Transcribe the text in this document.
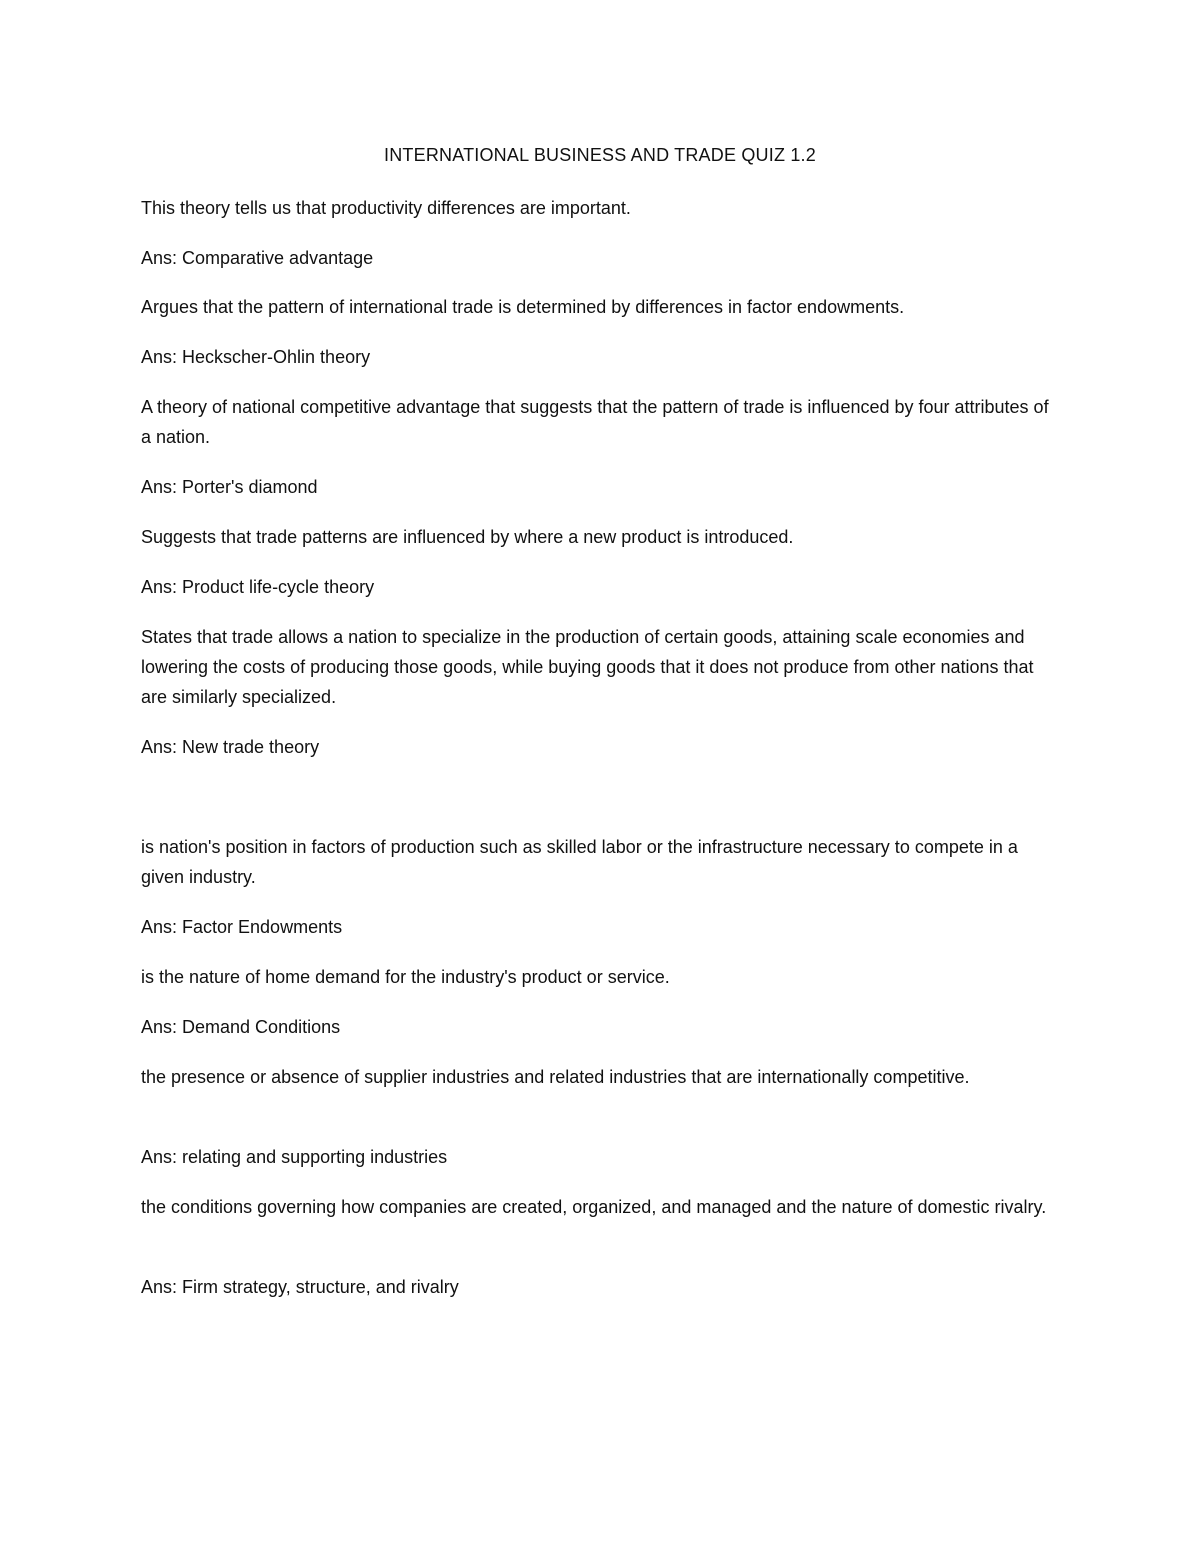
INTERNATIONAL BUSINESS AND TRADE QUIZ 1.2

This theory tells us that productivity differences are important.

Ans: Comparative advantage

Argues that the pattern of international trade is determined by differences in factor endowments.

Ans: Heckscher-Ohlin theory

A theory of national competitive advantage that suggests that the pattern of trade is influenced by four attributes of a nation.

Ans: Porter's diamond

Suggests that trade patterns are influenced by where a new product is introduced.

Ans: Product life-cycle theory

States that trade allows a nation to specialize in the production of certain goods, attaining scale economies and lowering the costs of producing those goods, while buying goods that it does not produce from other nations that are similarly specialized.

Ans: New trade theory

is nation's position in factors of production such as skilled labor or the infrastructure necessary to compete in a given industry.

Ans: Factor Endowments

is the nature of home demand for the industry's product or service.

Ans: Demand Conditions

the presence or absence of supplier industries and related industries that are internationally competitive.

Ans: relating and supporting industries

the conditions governing how companies are created, organized, and managed and the nature of domestic rivalry.

Ans: Firm strategy, structure, and rivalry
